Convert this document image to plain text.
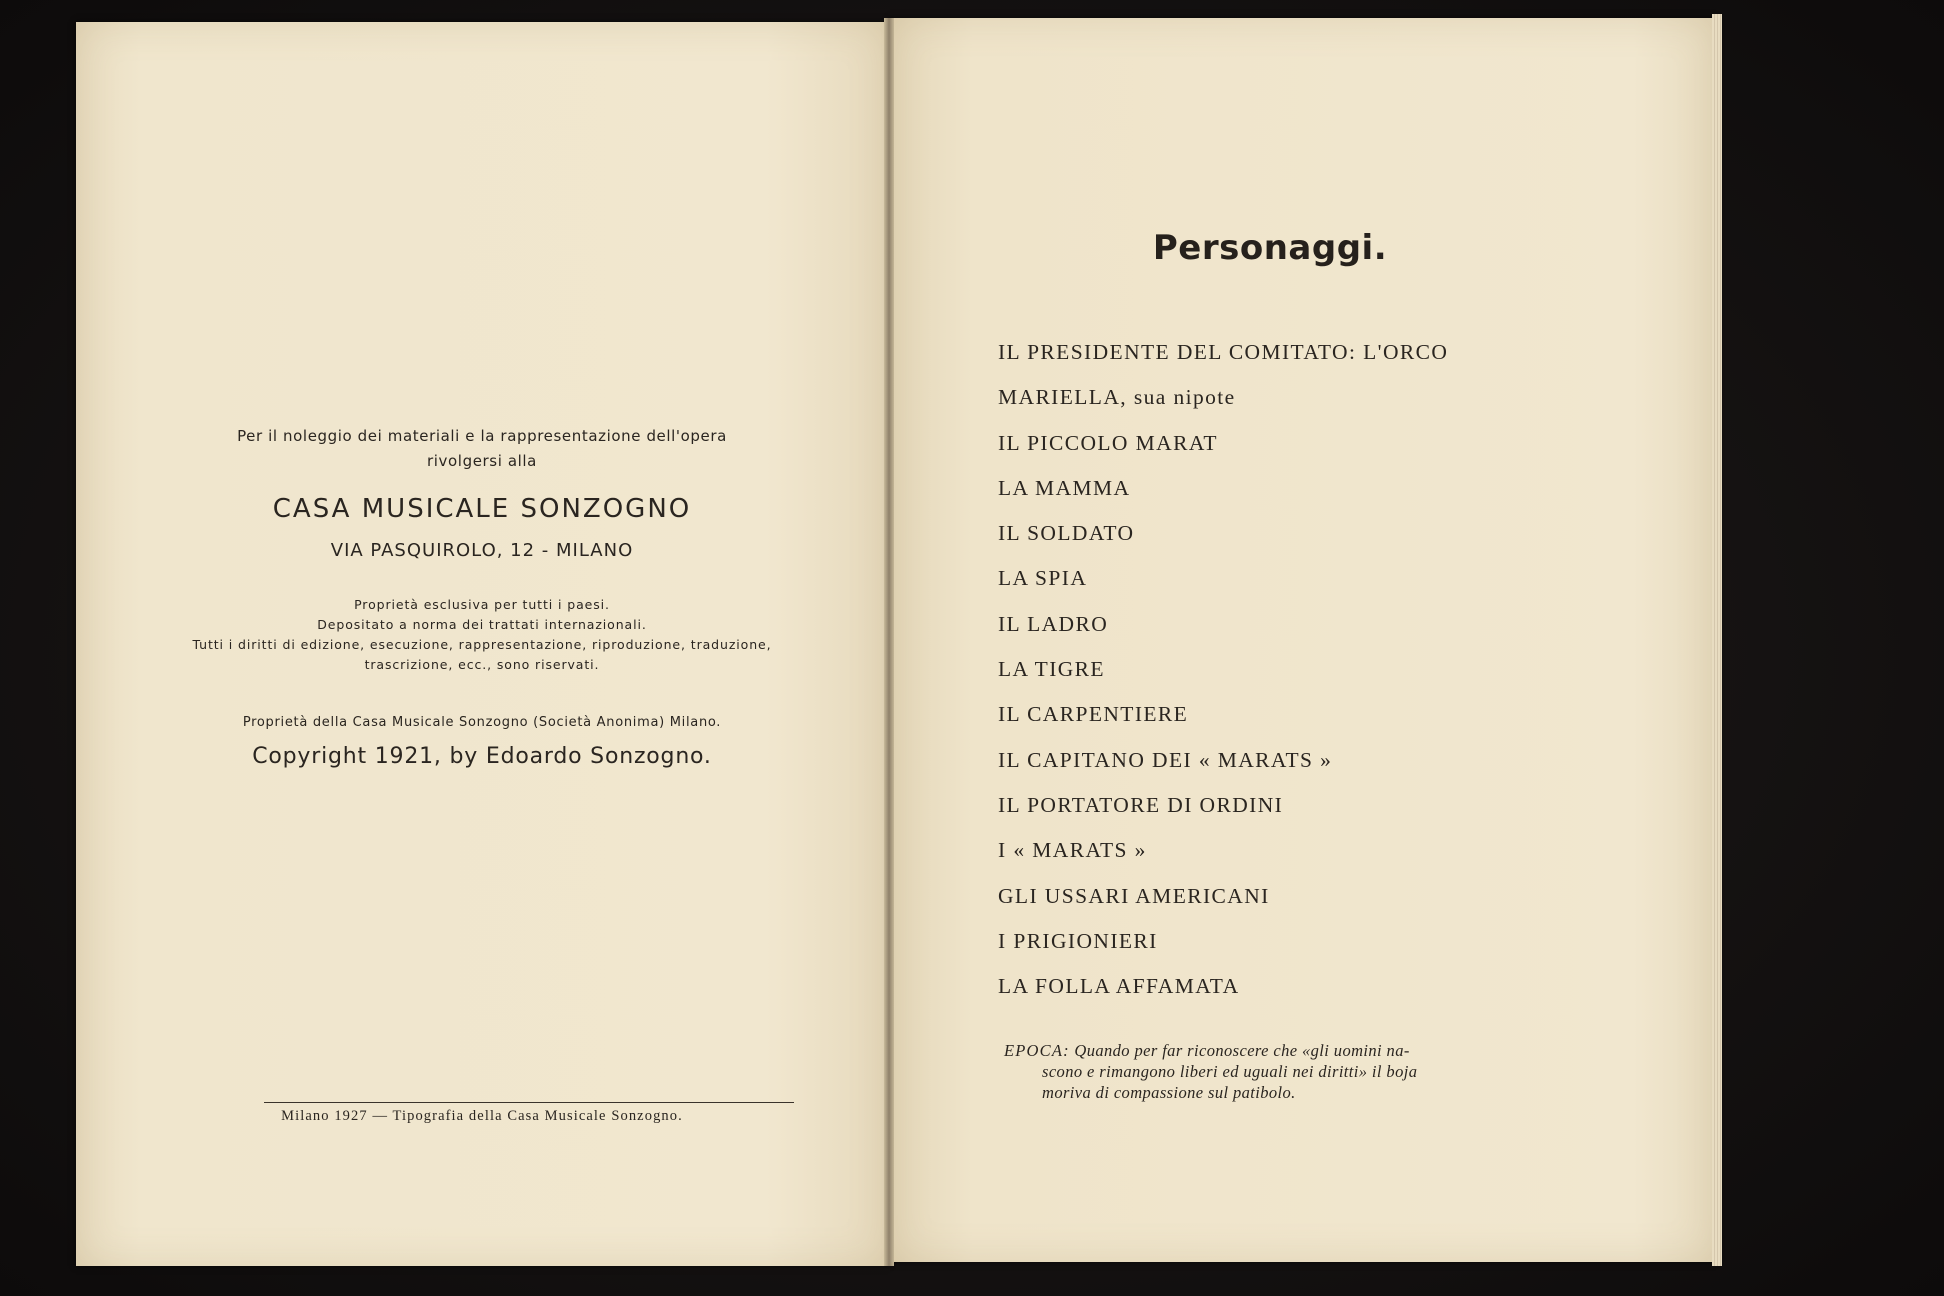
Per il noleggio dei materiali e la rappresentazione dell'opera
rivolgersi alla
CASA MUSICALE SONZOGNO
VIA PASQUIROLO, 12 - MILANO
Proprietà esclusiva per tutti i paesi.
Depositato a norma dei trattati internazionali.
Tutti i diritti di edizione, esecuzione, rappresentazione, riproduzione, traduzione,
trascrizione, ecc., sono riservati.
Proprietà della Casa Musicale Sonzogno (Società Anonima) Milano.
Copyright 1921, by Edoardo Sonzogno.
Milano 1927 — Tipografia della Casa Musicale Sonzogno.
Personaggi.
IL PRESIDENTE DEL COMITATO: L'ORCO
MARIELLA, sua nipote
IL PICCOLO MARAT
LA MAMMA
IL SOLDATO
LA SPIA
IL LADRO
LA TIGRE
IL CARPENTIERE
IL CAPITANO DEI « MARATS »
IL PORTATORE DI ORDINI
I « MARATS »
GLI USSARI AMERICANI
I PRIGIONIERI
LA FOLLA AFFAMATA
EPOCA: Quando per far riconoscere che «gli uomini na-
scono e rimangono liberi ed uguali nei diritti» il boja
moriva di compassione sul patibolo.
